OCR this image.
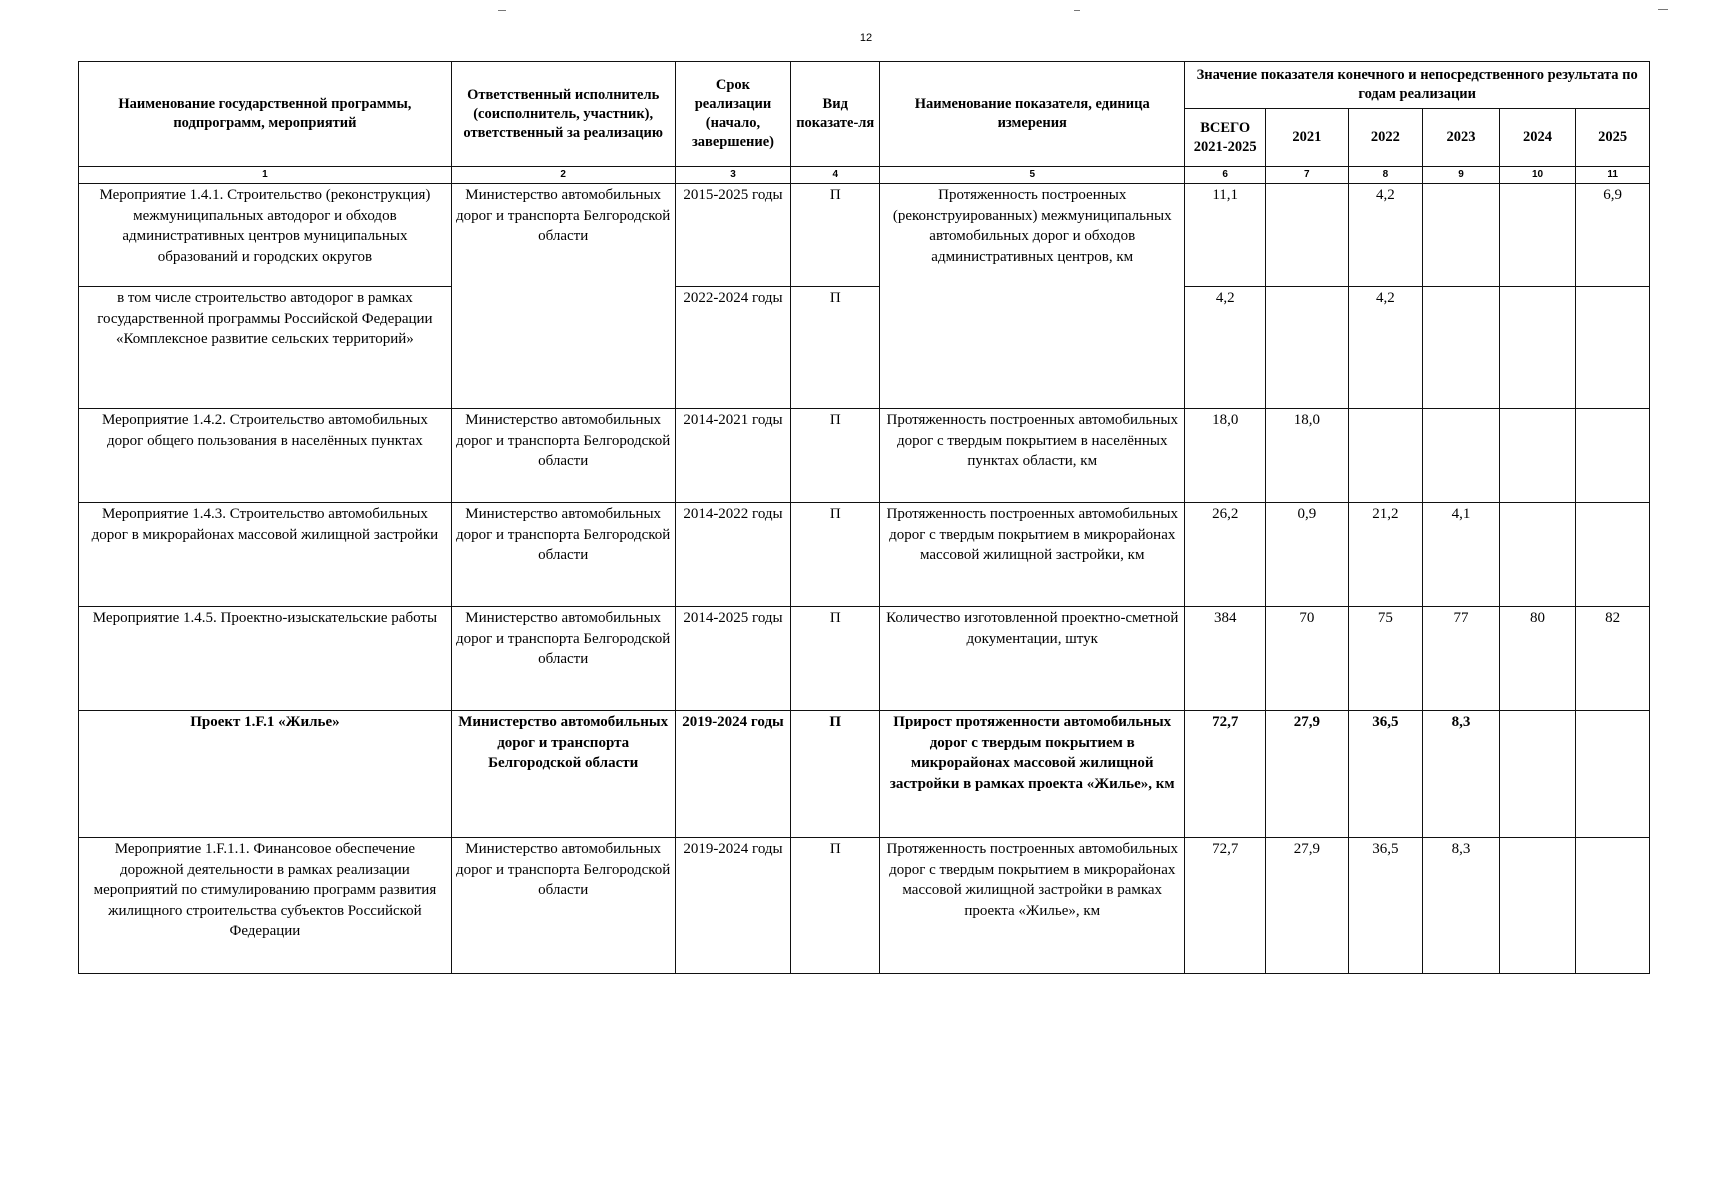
12
Наименование государственной программы, подпрограмм, мероприятий	Ответственный исполнитель (соисполнитель, участник), ответственный за реализацию	Срок реализации (начало, завершение)	Вид показате-ля	Наименование показателя, единица измерения	Значение показателя конечного и непосредственного результата по годам реализации					
					ВСЕГО 2021-2025	2021	2022	2023	2024	2025
1	2	3	4	5	6	7	8	9	10	11
Мероприятие 1.4.1. Строительство (реконструкция) межмуниципальных автодорог и обходов административных центров муниципальных образований и городских округов	Министерство автомобильных дорог и транспорта Белгородской области	2015-2025 годы	П	Протяженность построенных (реконструированных) межмуниципальных автомобильных дорог и обходов административных центров, км	11,1		4,2			6,9
в том числе строительство автодорог в рамках государственной программы Российской Федерации «Комплексное развитие сельских территорий»		2022-2024 годы	П		4,2		4,2			
Мероприятие 1.4.2. Строительство автомобильных дорог общего пользования в населённых пунктах	Министерство автомобильных дорог и транспорта Белгородской области	2014-2021 годы	П	Протяженность построенных автомобильных дорог с твердым покрытием в населённых пунктах области, км	18,0	18,0				
Мероприятие 1.4.3. Строительство автомобильных дорог в микрорайонах массовой жилищной застройки	Министерство автомобильных дорог и транспорта Белгородской области	2014-2022 годы	П	Протяженность построенных автомобильных дорог с твердым покрытием в микрорайонах массовой жилищной застройки, км	26,2	0,9	21,2	4,1		
Мероприятие 1.4.5. Проектно-изыскательские работы	Министерство автомобильных дорог и транспорта Белгородской области	2014-2025 годы	П	Количество изготовленной проектно-сметной документации, штук	384	70	75	77	80	82
Проект 1.F.1 «Жилье»	Министерство автомобильных дорог и транспорта Белгородской области	2019-2024 годы	П	Прирост протяженности автомобильных дорог с твердым покрытием в микрорайонах массовой жилищной застройки в рамках проекта «Жилье», км	72,7	27,9	36,5	8,3		
Мероприятие 1.F.1.1. Финансовое обеспечение дорожной деятельности в рамках реализации мероприятий по стимулированию программ развития жилищного строительства субъектов Российской Федерации	Министерство автомобильных дорог и транспорта Белгородской области	2019-2024 годы	П	Протяженность построенных автомобильных дорог с твердым покрытием в микрорайонах массовой жилищной застройки в рамках проекта «Жилье», км	72,7	27,9	36,5	8,3		
